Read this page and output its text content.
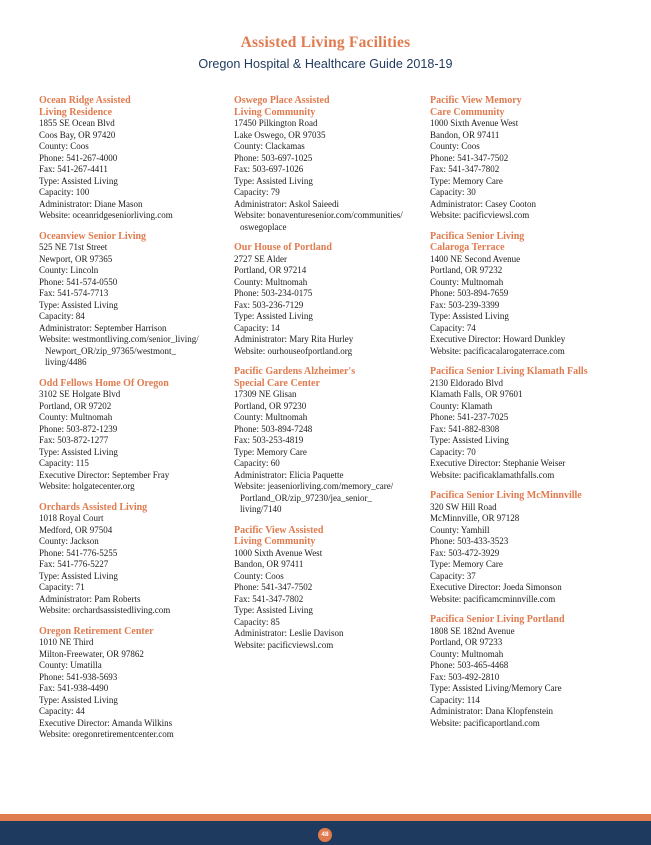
Assisted Living Facilities
Oregon Hospital & Healthcare Guide 2018-19
Ocean Ridge Assisted
Living Residence
1855 SE Ocean Blvd
Coos Bay, OR 97420
County: Coos
Phone: 541-267-4000
Fax: 541-267-4411
Type: Assisted Living
Capacity: 100
Administrator: Diane Mason
Website: oceanridgeseniorliving.com
Oceanview Senior Living
525 NE 71st Street
Newport, OR 97365
County: Lincoln
Phone: 541-574-0550
Fax: 541-574-7713
Type: Assisted Living
Capacity: 84
Administrator: September Harrison
Website: westmontliving.com/senior_living/
Newport_OR/zip_97365/westmont_
living/4486
Odd Fellows Home Of Oregon
3102 SE Holgate Blvd
Portland, OR 97202
County: Multnomah
Phone: 503-872-1239
Fax: 503-872-1277
Type: Assisted Living
Capacity: 115
Executive Director: September Fray
Website: holgatecenter.org
Orchards Assisted Living
1018 Royal Court
Medford, OR 97504
County: Jackson
Phone: 541-776-5255
Fax: 541-776-5227
Type: Assisted Living
Capacity: 71
Administrator: Pam Roberts
Website: orchardsassistedliving.com
Oregon Retirement Center
1010 NE Third
Milton-Freewater, OR 97862
County: Umatilla
Phone: 541-938-5693
Fax: 541-938-4490
Type: Assisted Living
Capacity: 44
Executive Director: Amanda Wilkins
Website: oregonretirementcenter.com
Oswego Place Assisted
Living Community
17450 Pilkington Road
Lake Oswego, OR 97035
County: Clackamas
Phone: 503-697-1025
Fax: 503-697-1026
Type: Assisted Living
Capacity: 79
Administrator: Askol Saieedi
Website: bonaventuresenior.com/communities/
oswegoplace
Our House of Portland
2727 SE Alder
Portland, OR 97214
County: Multnomah
Phone: 503-234-0175
Fax: 503-236-7129
Type: Assisted Living
Capacity: 14
Administrator: Mary Rita Hurley
Website: ourhouseofportland.org
Pacific Gardens Alzheimer's
Special Care Center
17309 NE Glisan
Portland, OR 97230
County: Multnomah
Phone: 503-894-7248
Fax: 503-253-4819
Type: Memory Care
Capacity: 60
Administrator: Elicia Paquette
Website: jeaseniorliving.com/memory_care/
Portland_OR/zip_97230/jea_senior_
living/7140
Pacific View Assisted
Living Community
1000 Sixth Avenue West
Bandon, OR 97411
County: Coos
Phone: 541-347-7502
Fax: 541-347-7802
Type: Assisted Living
Capacity: 85
Administrator: Leslie Davison
Website: pacificviewsl.com
Pacific View Memory
Care Community
1000 Sixth Avenue West
Bandon, OR 97411
County: Coos
Phone: 541-347-7502
Fax: 541-347-7802
Type: Memory Care
Capacity: 30
Administrator: Casey Cooton
Website: pacificviewsl.com
Pacifica Senior Living
Calaroga Terrace
1400 NE Second Avenue
Portland, OR 97232
County: Multnomah
Phone: 503-894-7659
Fax: 503-239-3399
Type: Assisted Living
Capacity: 74
Executive Director: Howard Dunkley
Website: pacificacalarogaterrace.com
Pacifica Senior Living Klamath Falls
2130 Eldorado Blvd
Klamath Falls, OR 97601
County: Klamath
Phone: 541-237-7025
Fax: 541-882-8308
Type: Assisted Living
Capacity: 70
Executive Director: Stephanie Weiser
Website: pacificaklamathfalls.com
Pacifica Senior Living McMinnville
320 SW Hill Road
McMinnville, OR 97128
County: Yamhill
Phone: 503-433-3523
Fax: 503-472-3929
Type: Memory Care
Capacity: 37
Executive Director: Joeda Simonson
Website: pacificamcminnville.com
Pacifica Senior Living Portland
1808 SE 182nd Avenue
Portland, OR 97233
County: Multnomah
Phone: 503-465-4468
Fax: 503-492-2810
Type: Assisted Living/Memory Care
Capacity: 114
Administrator: Dana Klopfenstein
Website: pacificaportland.com
48
